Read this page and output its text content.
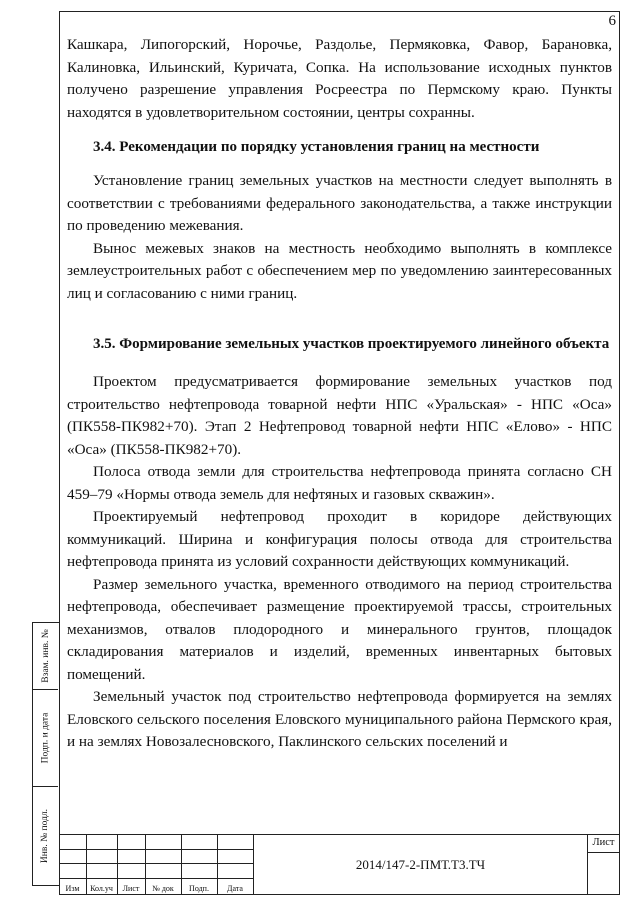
6

Кашкара, Липогорский, Норочье, Раздолье, Пермяковка, Фавор, Барановка, Калиновка, Ильинский, Куричата, Сопка. На использование исходных пунктов получено разрешение управления Росреестра по Пермскому краю. Пункты находятся в удовлетворительном состоянии, центры сохранны.

3.4. Рекомендации по порядку установления границ на местности

Установление границ земельных участков на местности следует выполнять в соответствии с требованиями федерального законодательства, а также инструкции по проведению межевания.

Вынос межевых знаков на местность необходимо выполнять в комплексе землеустроительных работ с обеспечением мер по уведомлению заинтересованных лиц и согласованию с ними границ.

3.5. Формирование земельных участков проектируемого линейного объекта

Проектом предусматривается формирование земельных участков под строительство нефтепровода товарной нефти НПС «Уральская» - НПС «Оса» (ПК558-ПК982+70). Этап 2 Нефтепровод товарной нефти НПС «Елово» - НПС «Оса» (ПК558-ПК982+70).

Полоса отвода земли для строительства нефтепровода принята согласно СН 459–79 «Нормы отвода земель для нефтяных и газовых скважин».

Проектируемый нефтепровод проходит в коридоре действующих коммуникаций. Ширина и конфигурация полосы отвода для строительства нефтепровода принята из условий сохранности действующих коммуникаций.

Размер земельного участка, временного отводимого на период строительства нефтепровода, обеспечивает размещение проектируемой трассы, строительных механизмов, отвалов плодородного и минерального грунтов, площадок складирования материалов и изделий, временных инвентарных бытовых помещений.

Земельный участок под строительство нефтепровода формируется на землях Еловского сельского поселения Еловского муниципального района Пермского края, и на землях Новозалесновского, Паклинского сельских поселений и

Взам. инв. №
Подп. и дата
Инв. № подл.
Изм	Кол.уч	Лист	№ док	Подп.	Дата
2014/147-2-ПМТ.Т3.ТЧ
Лист
